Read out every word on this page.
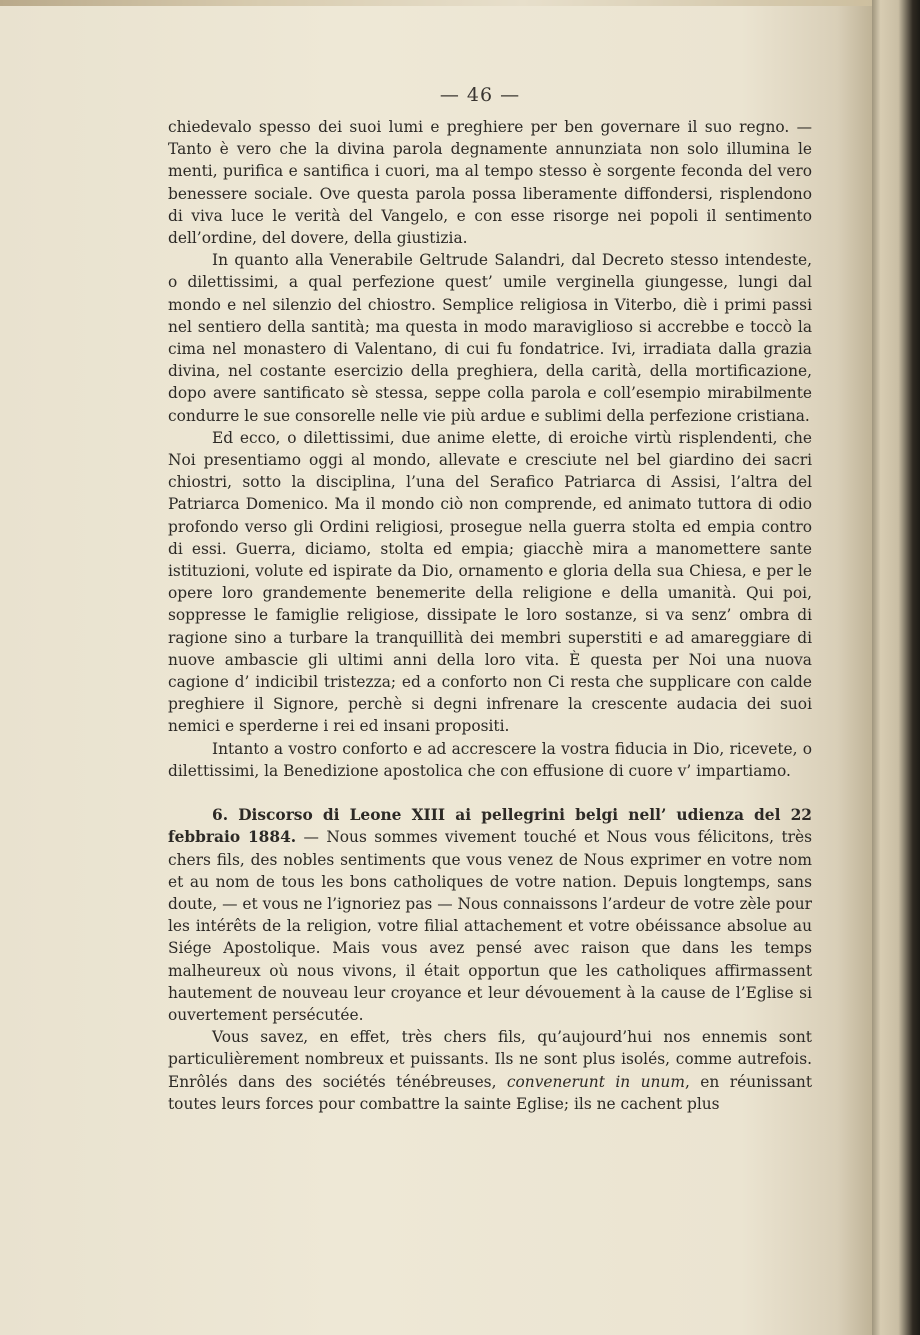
— 46 —

chiedevalo spesso dei suoi lumi e preghiere per ben governare il suo regno. — Tanto è vero che la divina parola degnamente annunziata non solo illumina le menti, purifica e santifica i cuori, ma al tempo stesso è sorgente feconda del vero benessere sociale. Ove questa parola possa liberamente diffondersi, risplendono di viva luce le verità del Vangelo, e con esse risorge nei popoli il sentimento dell’ordine, del dovere, della giustizia.

In quanto alla Venerabile Geltrude Salandri, dal Decreto stesso intendeste, o dilettissimi, a qual perfezione quest’ umile verginella giungesse, lungi dal mondo e nel silenzio del chiostro. Semplice religiosa in Viterbo, diè i primi passi nel sentiero della santità; ma questa in modo maraviglioso si accrebbe e toccò la cima nel monastero di Valentano, di cui fu fondatrice. Ivi, irradiata dalla grazia divina, nel costante esercizio della preghiera, della carità, della mortificazione, dopo avere santificato sè stessa, seppe colla parola e coll’esempio mirabilmente condurre le sue consorelle nelle vie più ardue e sublimi della perfezione cristiana.

Ed ecco, o dilettissimi, due anime elette, di eroiche virtù risplendenti, che Noi presentiamo oggi al mondo, allevate e cresciute nel bel giardino dei sacri chiostri, sotto la disciplina, l’una del Serafico Patriarca di Assisi, l’altra del Patriarca Domenico. Ma il mondo ciò non comprende, ed animato tuttora di odio profondo verso gli Ordini religiosi, prosegue nella guerra stolta ed empia contro di essi. Guerra, diciamo, stolta ed empia; giacchè mira a manomettere sante istituzioni, volute ed ispirate da Dio, ornamento e gloria della sua Chiesa, e per le opere loro grandemente benemerite della religione e della umanità. Qui poi, soppresse le famiglie religiose, dissipate le loro sostanze, si va senz’ ombra di ragione sino a turbare la tranquillità dei membri superstiti e ad amareggiare di nuove ambascie gli ultimi anni della loro vita. È questa per Noi una nuova cagione d’ indicibil tristezza; ed a conforto non Ci resta che supplicare con calde preghiere il Signore, perchè si degni infrenare la crescente audacia dei suoi nemici e sperderne i rei ed insani propositi.

Intanto a vostro conforto e ad accrescere la vostra fiducia in Dio, ricevete, o dilettissimi, la Benedizione apostolica che con effusione di cuore v’ impartiamo.

6. Discorso di Leone XIII ai pellegrini belgi nell’ udienza del 22 febbraio 1884. — Nous sommes vivement touché et Nous vous félicitons, très chers fils, des nobles sentiments que vous venez de Nous exprimer en votre nom et au nom de tous les bons catholiques de votre nation. Depuis longtemps, sans doute, — et vous ne l’ignoriez pas — Nous connaissons l’ardeur de votre zèle pour les intérêts de la religion, votre filial attachement et votre obéissance absolue au Siége Apostolique. Mais vous avez pensé avec raison que dans les temps malheureux où nous vivons, il était opportun que les catholiques affirmassent hautement de nouveau leur croyance et leur dévouement à la cause de l’Eglise si ouvertement persécutée.

Vous savez, en effet, très chers fils, qu’aujourd’hui nos ennemis sont particulièrement nombreux et puissants. Ils ne sont plus isolés, comme autrefois. Enrôlés dans des sociétés ténébreuses, convenerunt in unum, en réunissant toutes leurs forces pour combattre la sainte Eglise; ils ne cachent plus
